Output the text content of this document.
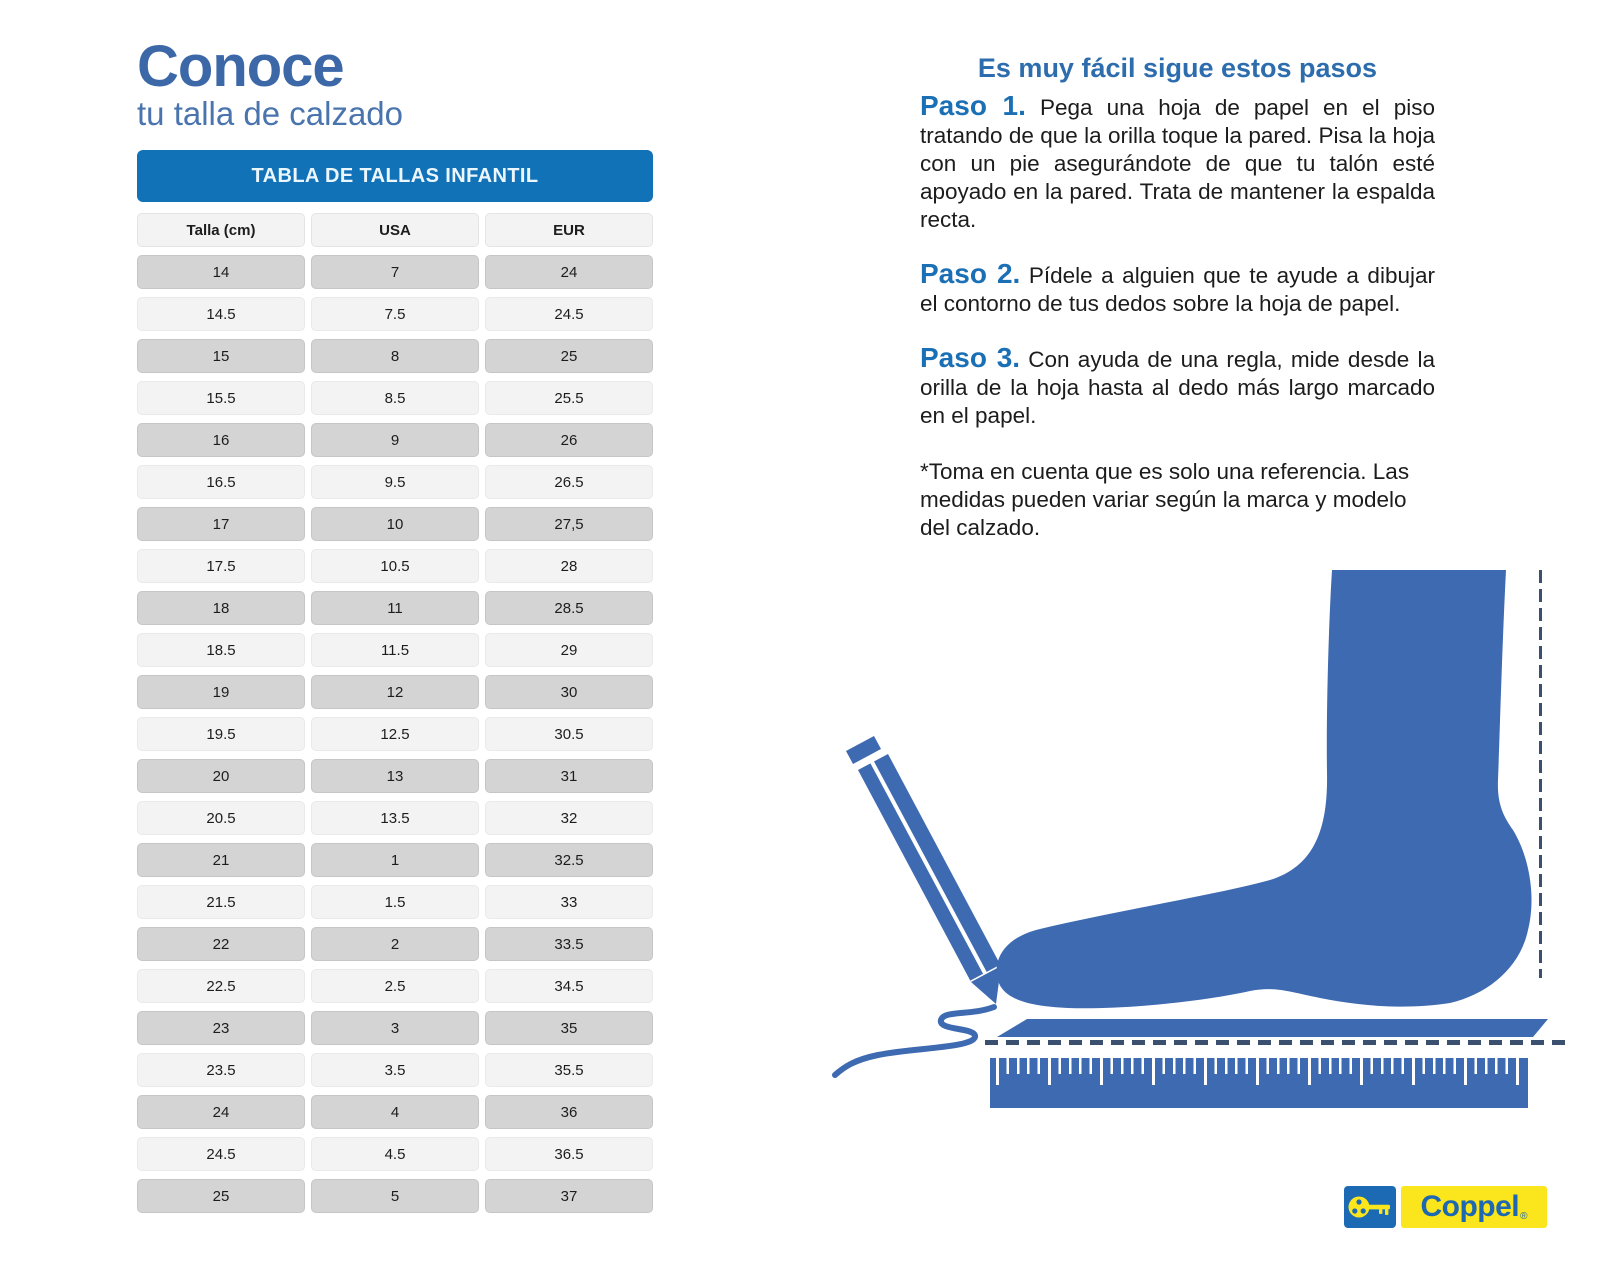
Conoce
tu talla de calzado
TABLA DE TALLAS INFANTIL
Talla (cm)	USA	EUR
14	7	24
14.5	7.5	24.5
15	8	25
15.5	8.5	25.5
16	9	26
16.5	9.5	26.5
17	10	27,5
17.5	10.5	28
18	11	28.5
18.5	11.5	29
19	12	30
19.5	12.5	30.5
20	13	31
20.5	13.5	32
21	1	32.5
21.5	1.5	33
22	2	33.5
22.5	2.5	34.5
23	3	35
23.5	3.5	35.5
24	4	36
24.5	4.5	36.5
25	5	37
Es muy fácil sigue estos pasos

Paso 1. Pega una hoja de papel en el piso tratando de que la orilla toque la pared. Pisa la hoja con un pie asegurándote de que tu talón esté apoyado en la pared. Trata de mantener la espalda recta.

Paso 2. Pídele a alguien que te ayude a dibujar el contorno de tus dedos sobre la hoja de papel.

Paso 3. Con ayuda de una regla, mide desde la orilla de la hoja hasta al dedo más largo marcado en el papel.

*Toma en cuenta que es solo una referencia. Las medidas pueden variar según la marca y modelo del calzado.

Coppel ®
